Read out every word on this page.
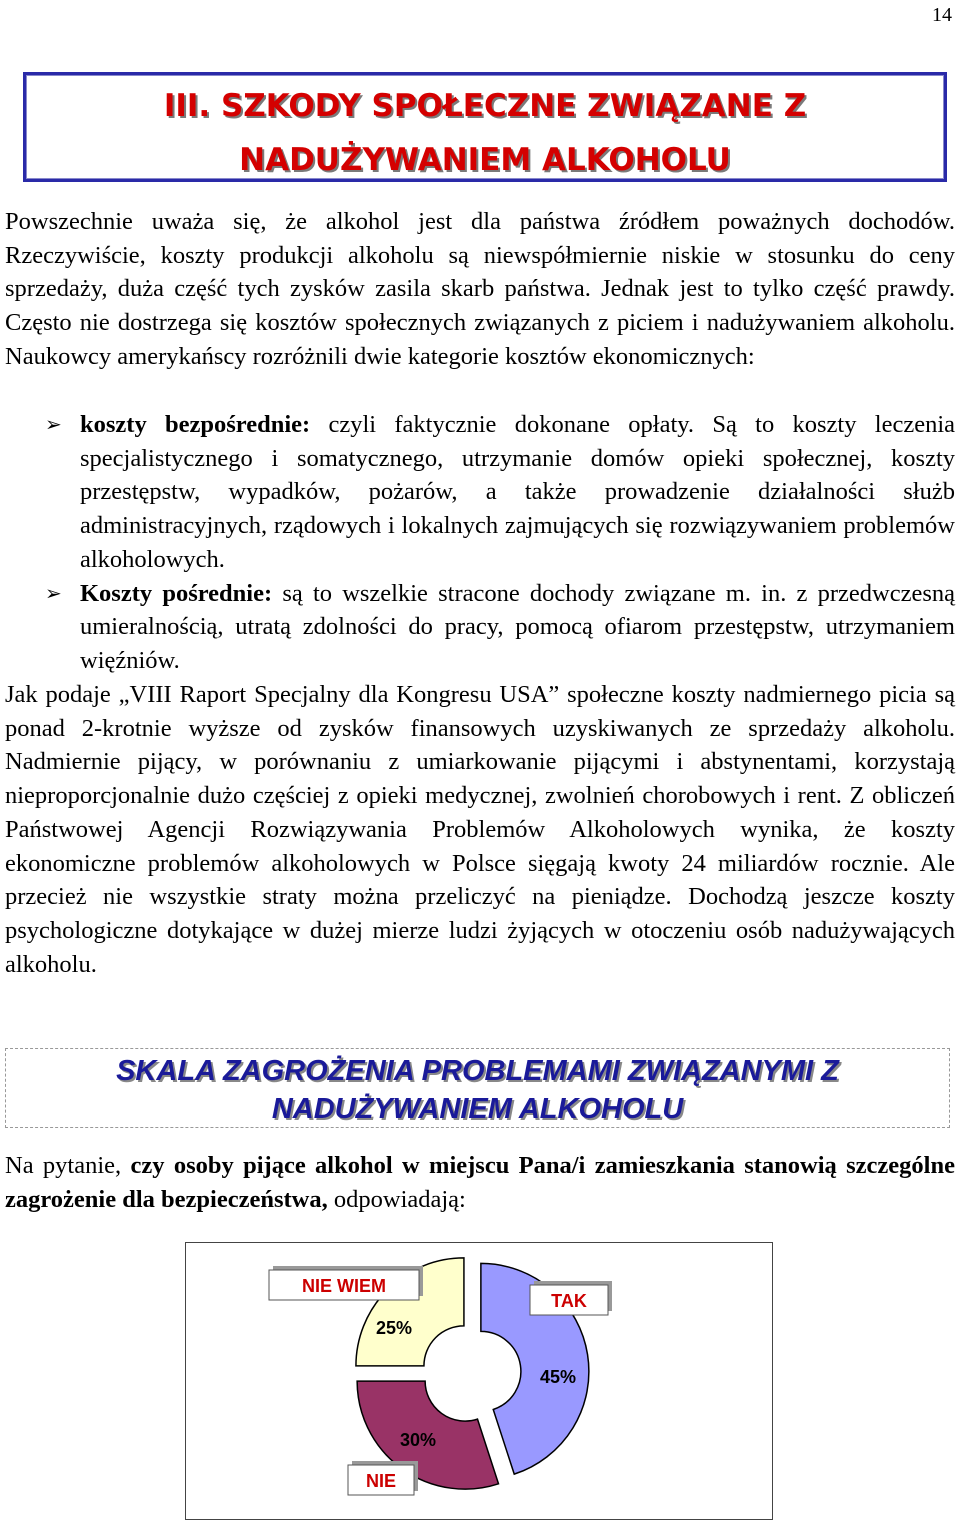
14
III. SZKODY SPOŁECZNE ZWIĄZANE Z
NADUŻYWANIEM ALKOHOLU

Powszechnie uważa się, że alkohol jest dla państwa źródłem poważnych dochodów. Rzeczywiście, koszty produkcji alkoholu są niewspółmiernie niskie w stosunku do ceny sprzedaży, duża część tych zysków zasila skarb państwa. Jednak jest to tylko część prawdy. Często nie dostrzega się kosztów społecznych związanych z piciem i nadużywaniem alkoholu. Naukowcy amerykańscy rozróżnili dwie kategorie kosztów ekonomicznych:

➢ koszty bezpośrednie: czyli faktycznie dokonane opłaty. Są to koszty leczenia specjalistycznego i somatycznego, utrzymanie domów opieki społecznej, koszty przestępstw, wypadków, pożarów, a także prowadzenie działalności służb administracyjnych, rządowych i lokalnych zajmujących się rozwiązywaniem problemów alkoholowych.
➢ Koszty pośrednie: są to wszelkie stracone dochody związane m. in. z przedwczesną umieralnością, utratą zdolności do pracy, pomocą ofiarom przestępstw, utrzymaniem więźniów.

Jak podaje „VIII Raport Specjalny dla Kongresu USA” społeczne koszty nadmiernego picia są ponad 2-krotnie wyższe od zysków finansowych uzyskiwanych ze sprzedaży alkoholu. Nadmiernie pijący, w porównaniu z umiarkowanie pijącymi i abstynentami, korzystają nieproporcjonalnie dużo częściej z opieki medycznej, zwolnień chorobowych i rent. Z obliczeń Państwowej Agencji Rozwiązywania Problemów Alkoholowych wynika, że koszty ekonomiczne problemów alkoholowych w Polsce sięgają kwoty 24 miliardów rocznie. Ale przecież nie wszystkie straty można przeliczyć na pieniądze. Dochodzą jeszcze koszty psychologiczne dotykające w dużej mierze ludzi żyjących w otoczeniu osób nadużywających alkoholu.

SKALA ZAGROŻENIA PROBLEMAMI ZWIĄZANYMI Z
NADUŻYWANIEM ALKOHOLU

Na pytanie, czy osoby pijące alkohol w miejscu Pana/i zamieszkania stanowią szczególne zagrożenie dla bezpieczeństwa, odpowiadają:

TAK
45%
NIE
30%
NIE WIEM
25%
